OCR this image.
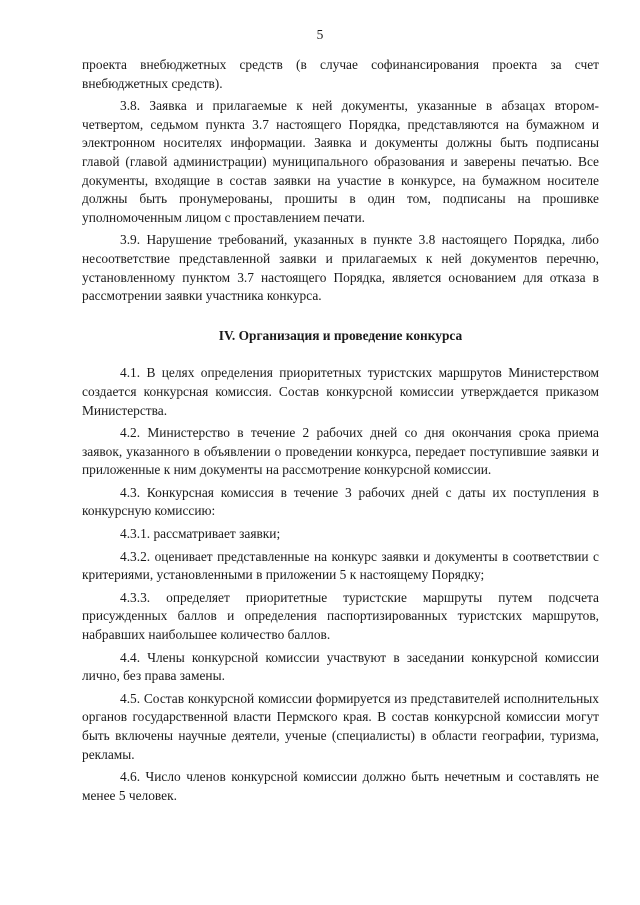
5

проекта внебюджетных средств (в случае софинансирования проекта за счет внебюджетных средств).

3.8. Заявка и прилагаемые к ней документы, указанные в абзацах втором-четвертом, седьмом пункта 3.7 настоящего Порядка, представляются на бумажном и электронном носителях информации. Заявка и документы должны быть подписаны главой (главой администрации) муниципального образования и заверены печатью. Все документы, входящие в состав заявки на участие в конкурсе, на бумажном носителе должны быть пронумерованы, прошиты в один том, подписаны на прошивке уполномоченным лицом с проставлением печати.

3.9. Нарушение требований, указанных в пункте 3.8 настоящего Порядка, либо несоответствие представленной заявки и прилагаемых к ней документов перечню, установленному пунктом 3.7 настоящего Порядка, является основанием для отказа в рассмотрении заявки участника конкурса.

IV. Организация и проведение конкурса

4.1. В целях определения приоритетных туристских маршрутов Министерством создается конкурсная комиссия. Состав конкурсной комиссии утверждается приказом Министерства.

4.2. Министерство в течение 2 рабочих дней со дня окончания срока приема заявок, указанного в объявлении о проведении конкурса, передает поступившие заявки и приложенные к ним документы на рассмотрение конкурсной комиссии.

4.3. Конкурсная комиссия в течение 3 рабочих дней с даты их поступления в конкурсную комиссию:

4.3.1. рассматривает заявки;

4.3.2. оценивает представленные на конкурс заявки и документы в соответствии с критериями, установленными в приложении 5 к настоящему Порядку;

4.3.3. определяет приоритетные туристские маршруты путем подсчета присужденных баллов и определения паспортизированных туристских маршрутов, набравших наибольшее количество баллов.

4.4. Члены конкурсной комиссии участвуют в заседании конкурсной комиссии лично, без права замены.

4.5. Состав конкурсной комиссии формируется из представителей исполнительных органов государственной власти Пермского края. В состав конкурсной комиссии могут быть включены научные деятели, ученые (специалисты) в области географии, туризма, рекламы.

4.6. Число членов конкурсной комиссии должно быть нечетным и составлять не менее 5 человек.
